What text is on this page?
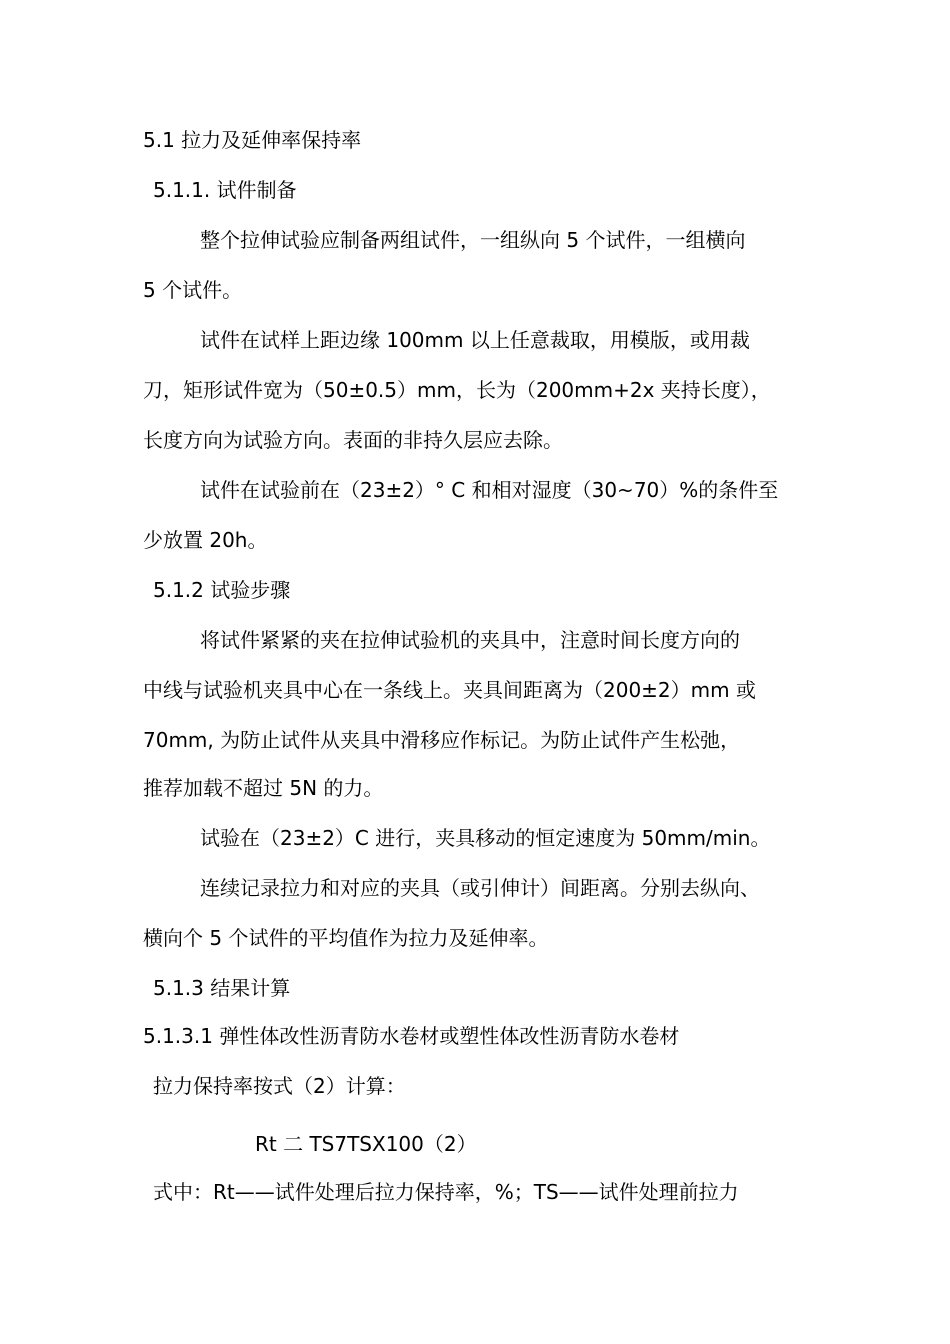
5.1 拉力及延伸率保持率
5.1.1. 试件制备
整个拉伸试验应制备两组试件，一组纵向 5 个试件，一组横向
5 个试件。
试件在试样上距边缘 100mm 以上任意裁取，用模版，或用裁
刀，矩形试件宽为（50±0.5）mm，长为（200mm+2x 夹持长度），
长度方向为试验方向。表面的非持久层应去除。
试件在试验前在（23±2）° C 和相对湿度（30~70）%的条件至
少放置 20h。
5.1.2 试验步骤
将试件紧紧的夹在拉伸试验机的夹具中，注意时间长度方向的
中线与试验机夹具中心在一条线上。夹具间距离为（200±2）mm 或
70mm, 为防止试件从夹具中滑移应作标记。为防止试件产生松弛，
推荐加载不超过 5N 的力。
试验在（23±2）C 进行，夹具移动的恒定速度为 50mm/min。
连续记录拉力和对应的夹具（或引伸计）间距离。分别去纵向、
横向个 5 个试件的平均值作为拉力及延伸率。
5.1.3 结果计算
5.1.3.1 弹性体改性沥青防水卷材或塑性体改性沥青防水卷材
拉力保持率按式（2）计算：
Rt 二 TS7TSX100（2）
式中：Rt——试件处理后拉力保持率，%；TS——试件处理前拉力
